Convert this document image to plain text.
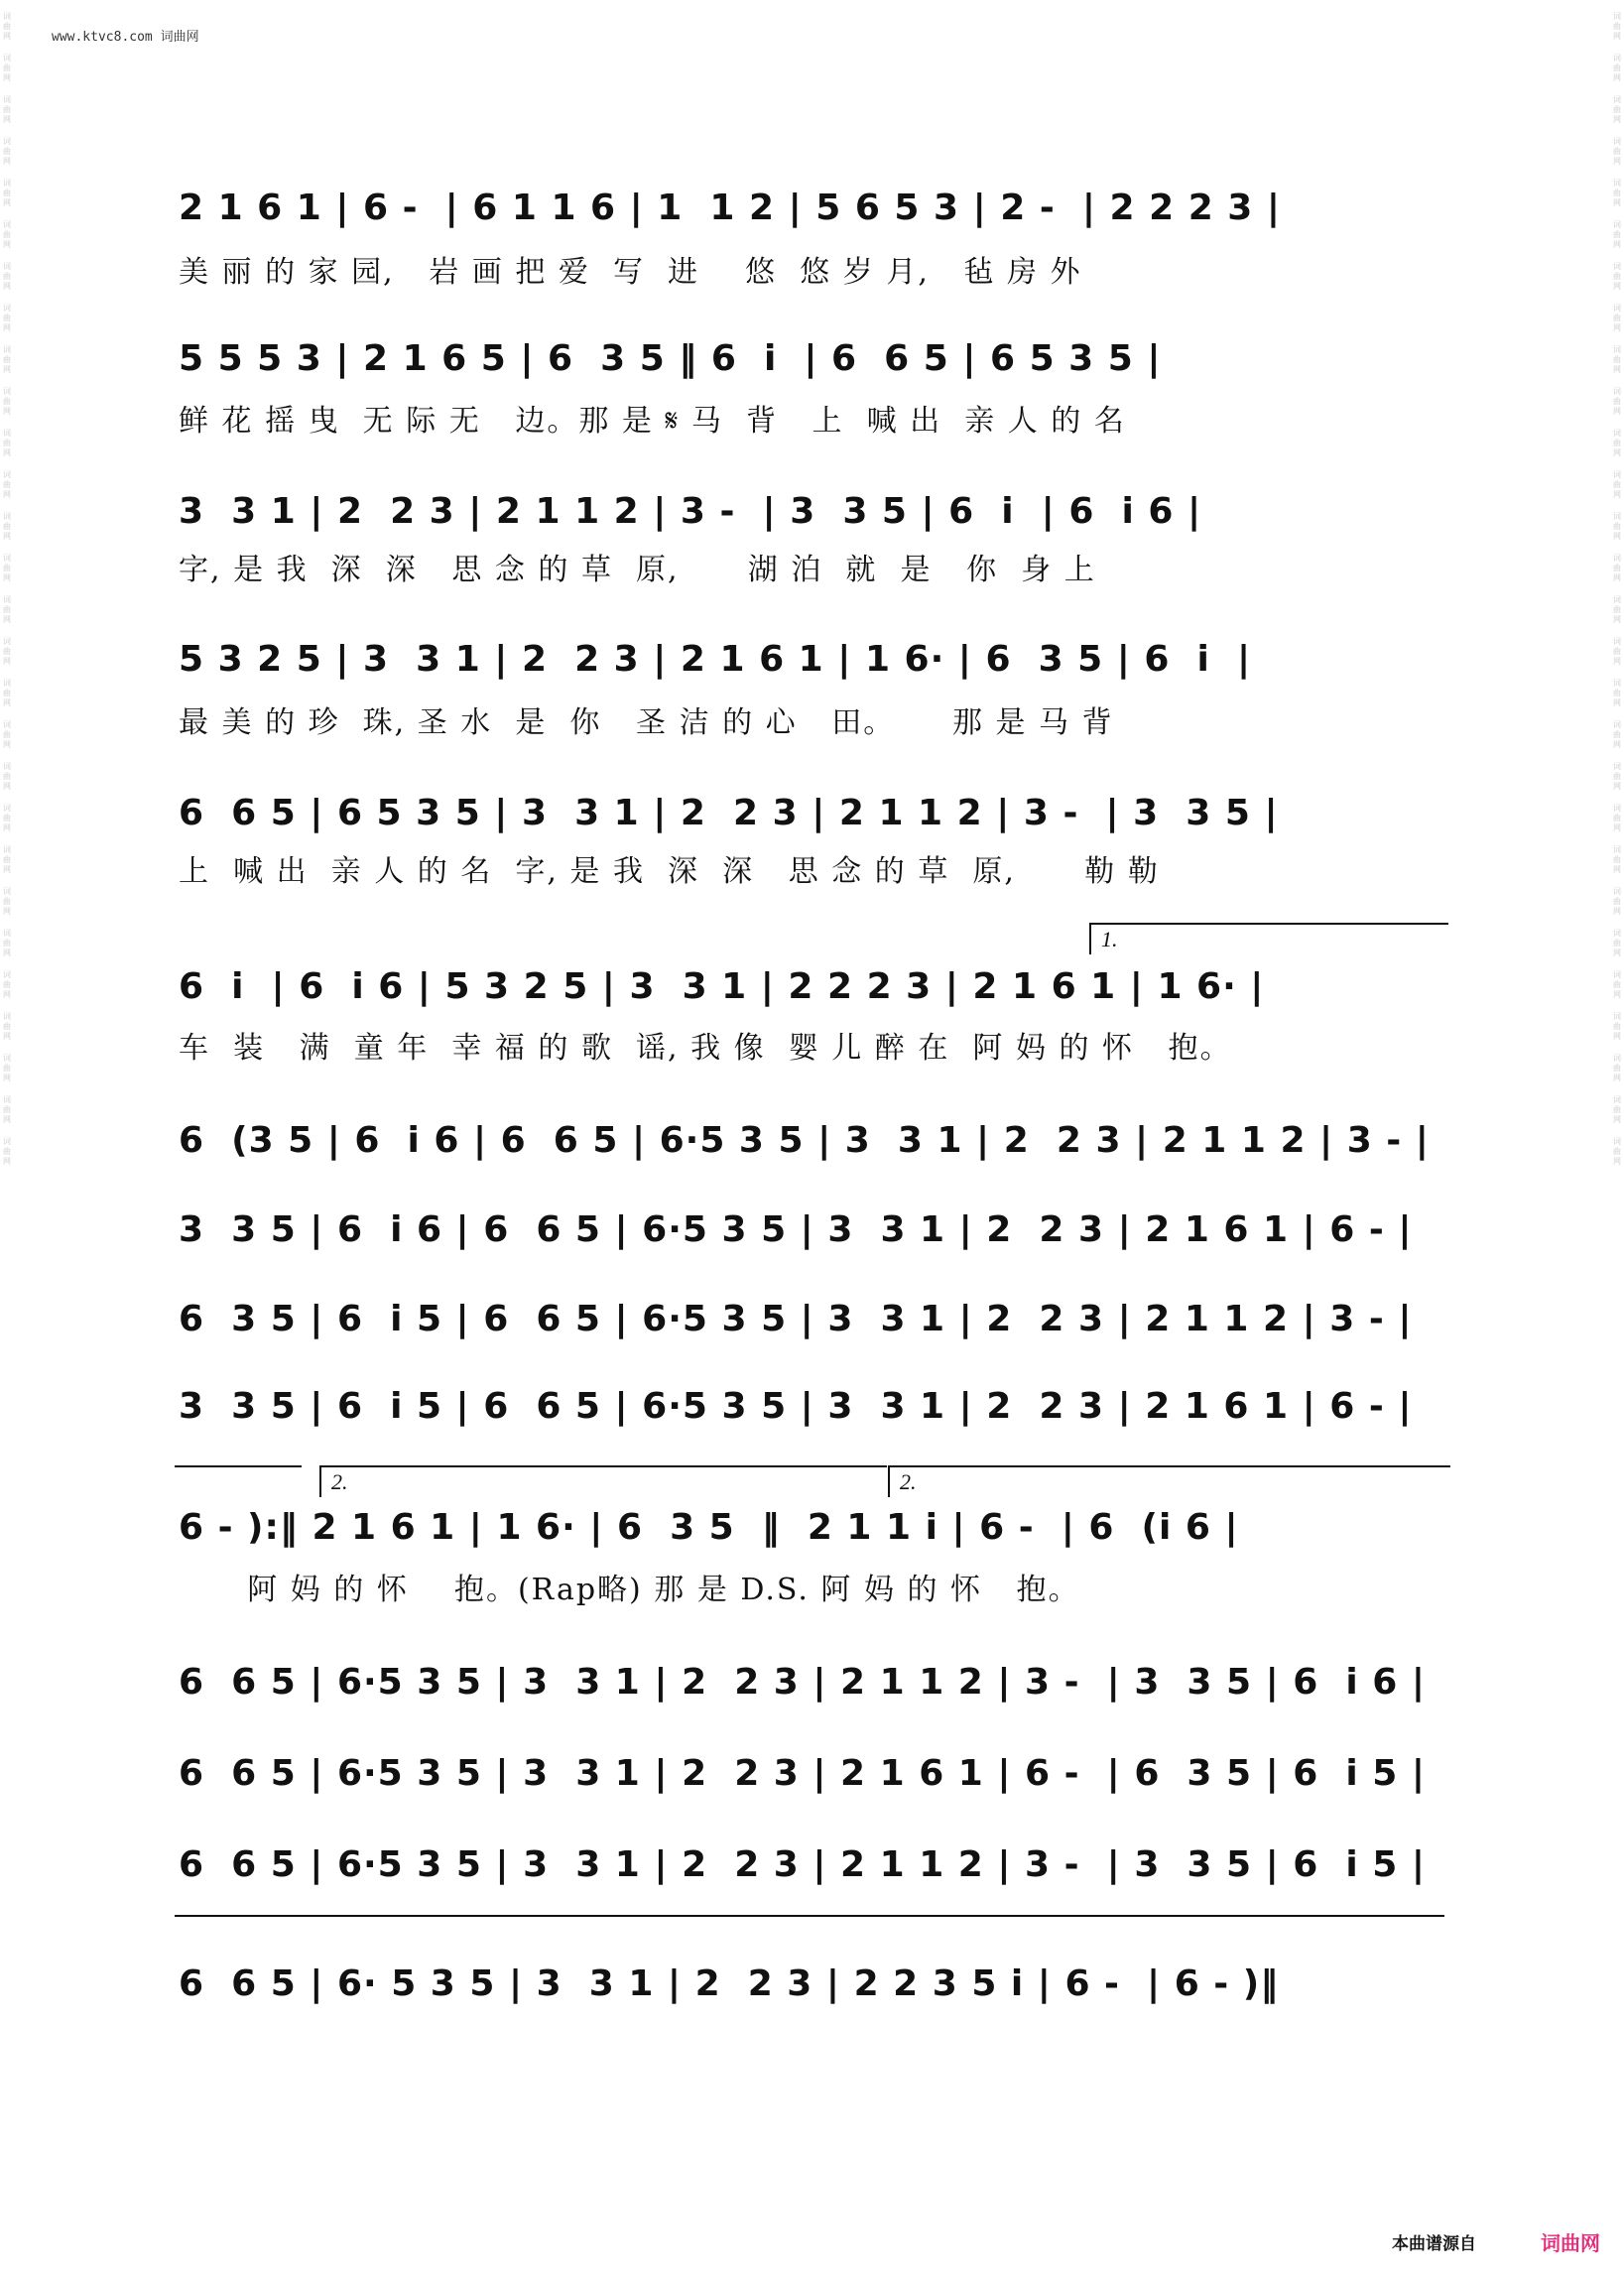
词曲网
词曲网
词曲网
词曲网
词曲网
词曲网
词曲网
词曲网
词曲网
词曲网
词曲网
词曲网
词曲网
词曲网
词曲网
词曲网
词曲网
词曲网
词曲网
词曲网
词曲网
词曲网
词曲网
词曲网
词曲网
词曲网
词曲网
词曲网
词曲网
词曲网
词曲网
词曲网
词曲网
词曲网
词曲网
词曲网
词曲网
词曲网
词曲网
词曲网
词曲网
词曲网
词曲网
词曲网
词曲网
词曲网
词曲网
词曲网
词曲网
词曲网
词曲网
词曲网
词曲网
词曲网
词曲网
词曲网
www.ktvc8.com 词曲网
2 1 6 1 | 6 -  | 6 1 1 6 | 1  1 2 | 5 6 5 3 | 2 -  | 2 2 2 3 |
美 丽 的 家 园,   岩 画 把 爱  写  进    悠  悠 岁 月,   毡 房 外
5 5 5 3 | 2 1 6 5 | 6  3 5 ‖ 6  i  | 6  6 5 | 6 5 3 5 |
鲜 花 摇 曳  无 际 无   边。那 是 𝄋 马  背   上  喊 出  亲 人 的 名
3  3 1 | 2  2 3 | 2 1 1 2 | 3 -  | 3  3 5 | 6  i  | 6  i 6 |
字, 是 我  深  深   思 念 的 草  原,      湖 泊  就  是   你  身 上
5 3 2 5 | 3  3 1 | 2  2 3 | 2 1 6 1 | 1 6· | 6  3 5 | 6  i  |
最 美 的 珍  珠, 圣 水  是  你   圣 洁 的 心   田。     那 是 马 背
6  6 5 | 6 5 3 5 | 3  3 1 | 2  2 3 | 2 1 1 2 | 3 -  | 3  3 5 |
上  喊 出  亲 人 的 名  字, 是 我  深  深   思 念 的 草  原,      勒 勒
1.
6  i  | 6  i 6 | 5 3 2 5 | 3  3 1 | 2 2 2 3 | 2 1 6 1 | 1 6· |
车  装   满  童 年  幸 福 的 歌  谣, 我 像  婴 儿 醉 在  阿 妈 的 怀   抱。
6  (3 5 | 6  i 6 | 6  6 5 | 6·5 3 5 | 3  3 1 | 2  2 3 | 2 1 1 2 | 3 - |
3  3 5 | 6  i 6 | 6  6 5 | 6·5 3 5 | 3  3 1 | 2  2 3 | 2 1 6 1 | 6 - |
6  3 5 | 6  i 5 | 6  6 5 | 6·5 3 5 | 3  3 1 | 2  2 3 | 2 1 1 2 | 3 - |
3  3 5 | 6  i 5 | 6  6 5 | 6·5 3 5 | 3  3 1 | 2  2 3 | 2 1 6 1 | 6 - |
2.	2.
6 - ):‖ 2 1 6 1 | 1 6· | 6  3 5  ‖  2 1 1 i | 6 -  | 6  (i 6 |
阿 妈 的 怀    抱。(Rap略) 那 是 D.S. 阿 妈 的 怀   抱。
6  6 5 | 6·5 3 5 | 3  3 1 | 2  2 3 | 2 1 1 2 | 3 -  | 3  3 5 | 6  i 6 |
6  6 5 | 6·5 3 5 | 3  3 1 | 2  2 3 | 2 1 6 1 | 6 -  | 6  3 5 | 6  i 5 |
6  6 5 | 6·5 3 5 | 3  3 1 | 2  2 3 | 2 1 1 2 | 3 -  | 3  3 5 | 6  i 5 |
6  6 5 | 6· 5 3 5 | 3  3 1 | 2  2 3 | 2 2 3 5 i | 6 -  | 6 - )‖
本曲谱源自	词曲网
